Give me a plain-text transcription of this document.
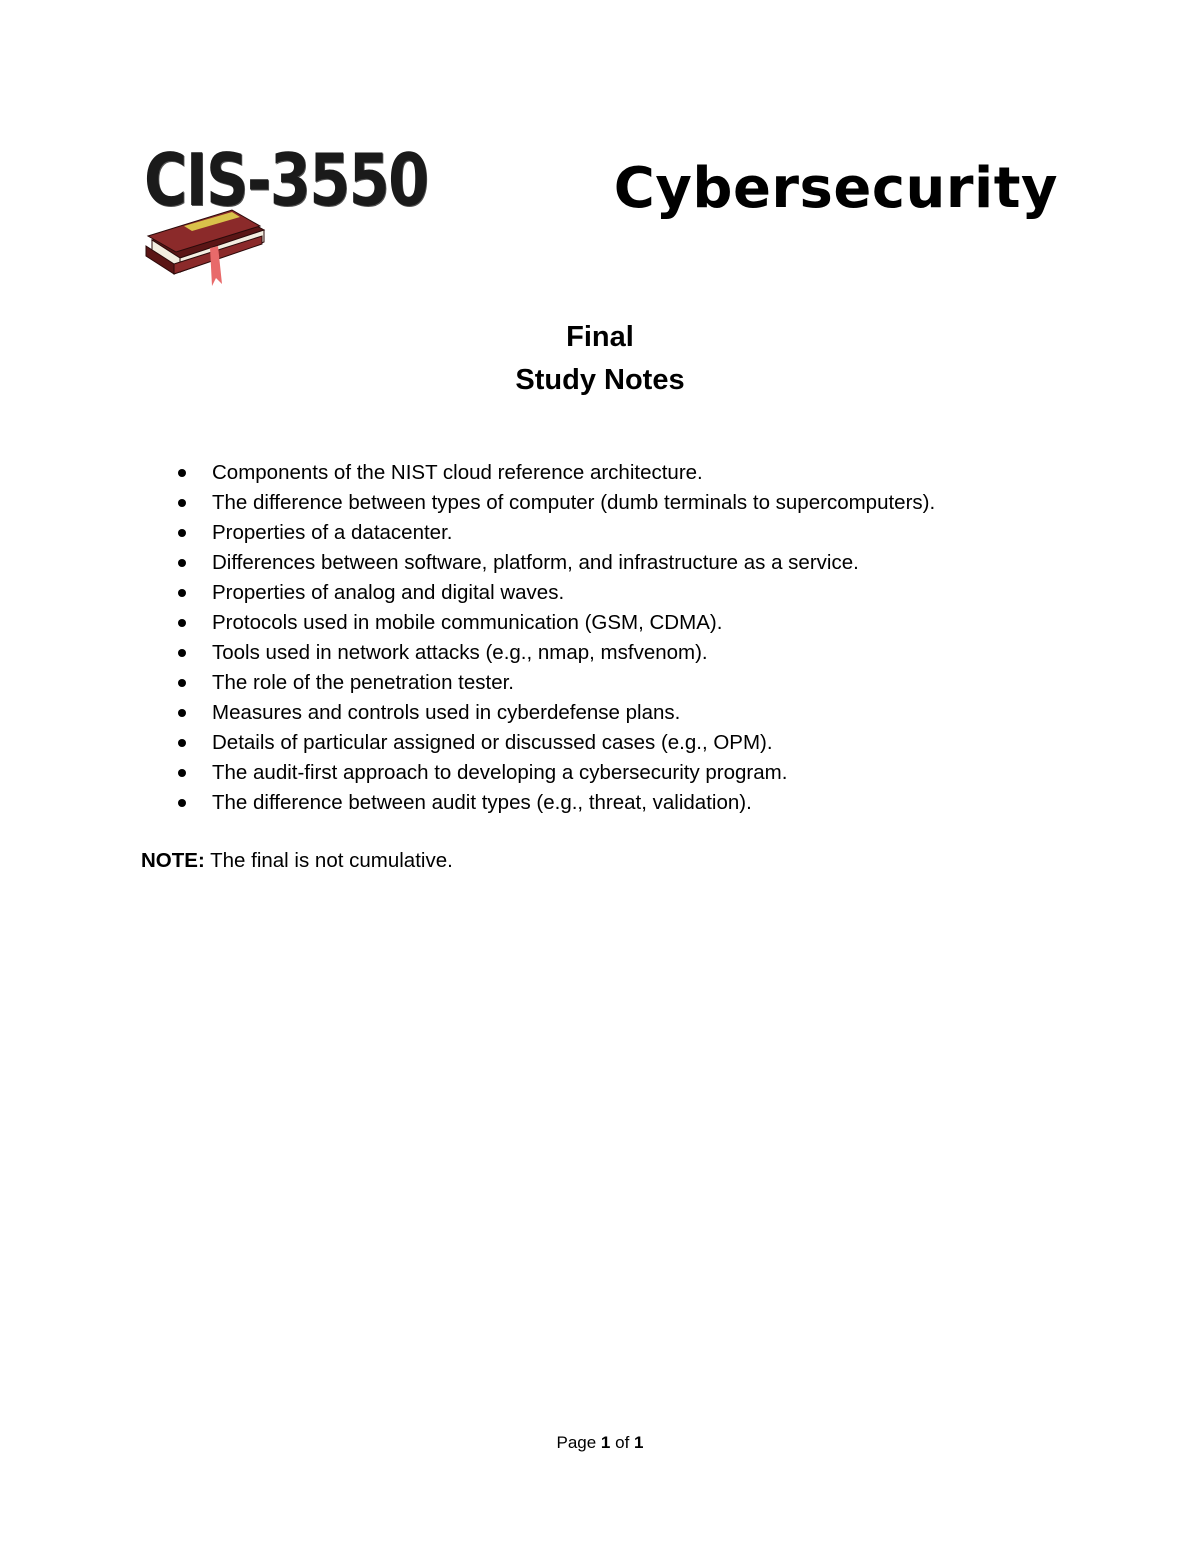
CIS-3550	Cybersecurity
Final
Study Notes
Components of the NIST cloud reference architecture.
The difference between types of computer (dumb terminals to supercomputers).
Properties of a datacenter.
Differences between software, platform, and infrastructure as a service.
Properties of analog and digital waves.
Protocols used in mobile communication (GSM, CDMA).
Tools used in network attacks (e.g., nmap, msfvenom).
The role of the penetration tester.
Measures and controls used in cyberdefense plans.
Details of particular assigned or discussed cases (e.g., OPM).
The audit-first approach to developing a cybersecurity program.
The difference between audit types (e.g., threat, validation).
NOTE: The final is not cumulative.
Page 1 of 1
